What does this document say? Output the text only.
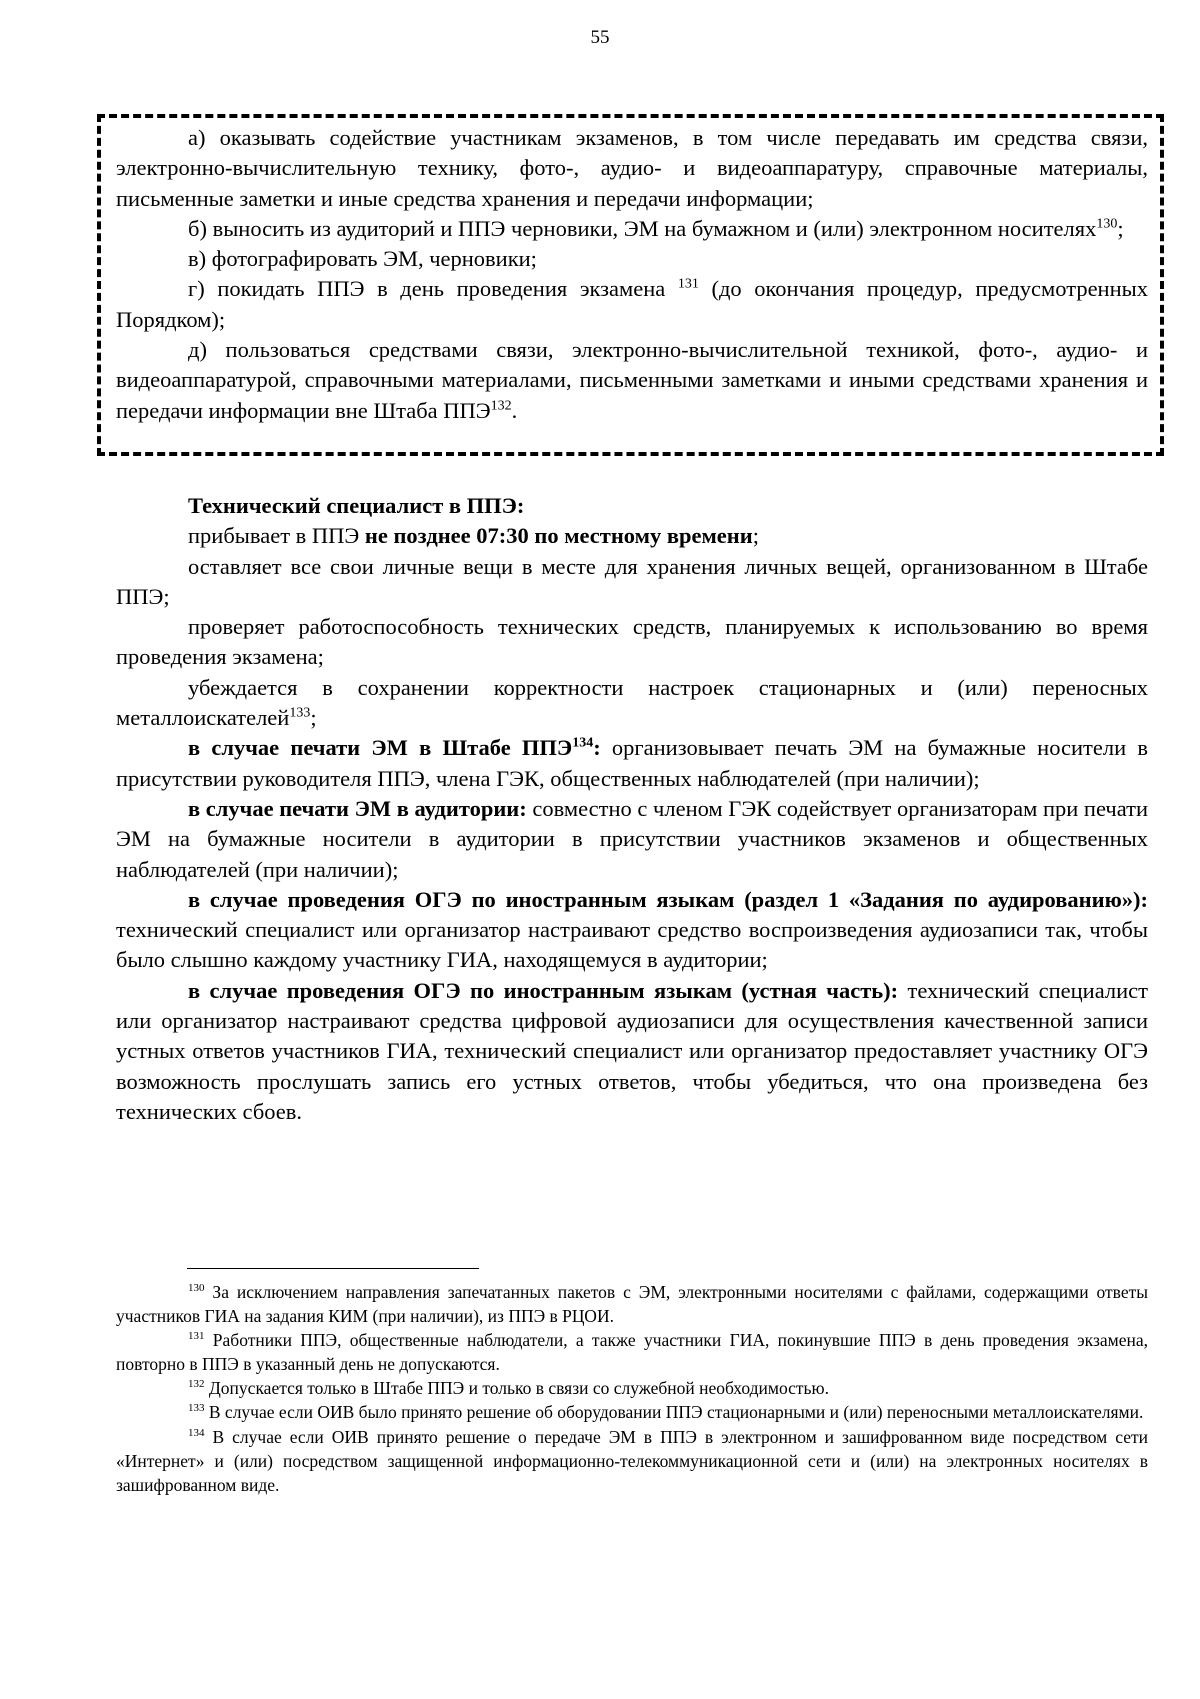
55

а) оказывать содействие участникам экзаменов, в том числе передавать им средства связи, электронно-вычислительную технику, фото-, аудио- и видеоаппаратуру, справочные материалы, письменные заметки и иные средства хранения и передачи информации;

б) выносить из аудиторий и ППЭ черновики, ЭМ на бумажном и (или) электронном носителях$^{130}$;

в) фотографировать ЭМ, черновики;

г) покидать ППЭ в день проведения экзамена $^{131}$ (до окончания процедур, предусмотренных Порядком);

д) пользоваться средствами связи, электронно-вычислительной техникой, фото-, аудио- и видеоаппаратурой, справочными материалами, письменными заметками и иными средствами хранения и передачи информации вне Штаба ППЭ$^{132}$.

Технический специалист в ППЭ:

прибывает в ППЭ не позднее 07:30 по местному времени;

оставляет все свои личные вещи в месте для хранения личных вещей, организованном в Штабе ППЭ;

проверяет работоспособность технических средств, планируемых к использованию во время проведения экзамена;

убеждается в сохранении корректности настроек стационарных и (или) переносных металлоискателей$^{133}$;

в случае печати ЭМ в Штабе ППЭ$^{134}$: организовывает печать ЭМ на бумажные носители в присутствии руководителя ППЭ, члена ГЭК, общественных наблюдателей (при наличии);

в случае печати ЭМ в аудитории: совместно с членом ГЭК содействует организаторам при печати ЭМ на бумажные носители в аудитории в присутствии участников экзаменов и общественных наблюдателей (при наличии);

в случае проведения ОГЭ по иностранным языкам (раздел 1 «Задания по аудированию»): технический специалист или организатор настраивают средство воспроизведения аудиозаписи так, чтобы было слышно каждому участнику ГИА, находящемуся в аудитории;

в случае проведения ОГЭ по иностранным языкам (устная часть): технический специалист или организатор настраивают средства цифровой аудиозаписи для осуществления качественной записи устных ответов участников ГИА, технический специалист или организатор предоставляет участнику ОГЭ возможность прослушать запись его устных ответов, чтобы убедиться, что она произведена без технических сбоев.

$^{130}$ За исключением направления запечатанных пакетов с ЭМ, электронными носителями с файлами, содержащими ответы участников ГИА на задания КИМ (при наличии), из ППЭ в РЦОИ.

$^{131}$ Работники ППЭ, общественные наблюдатели, а также участники ГИА, покинувшие ППЭ в день проведения экзамена, повторно в ППЭ в указанный день не допускаются.

$^{132}$ Допускается только в Штабе ППЭ и только в связи со служебной необходимостью.

$^{133}$ В случае если ОИВ было принято решение об оборудовании ППЭ стационарными и (или) переносными металлоискателями.

$^{134}$ В случае если ОИВ принято решение о передаче ЭМ в ППЭ в электронном и зашифрованном виде посредством сети «Интернет» и (или) посредством защищенной информационно-телекоммуникационной сети и (или) на электронных носителях в зашифрованном виде.
